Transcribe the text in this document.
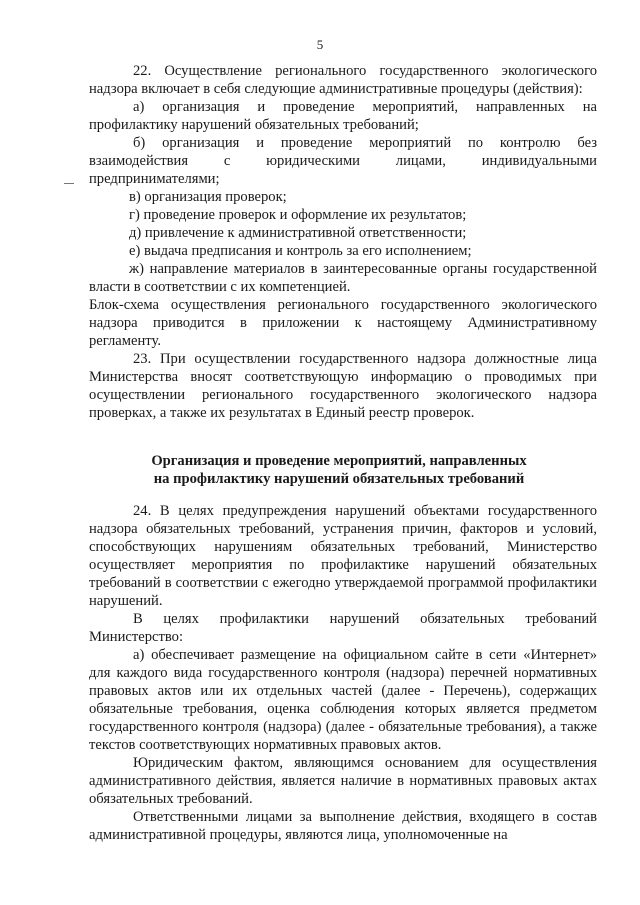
5

22. Осуществление регионального государственного экологического надзора включает в себя следующие административные процедуры (действия):

а) организация и проведение мероприятий, направленных на профилактику нарушений обязательных требований;

б) организация и проведение мероприятий по контролю без взаимодействия с юридическими лицами, индивидуальными предпринимателями;

в) организация проверок;

г) проведение проверок и оформление их результатов;

д) привлечение к административной ответственности;

е) выдача предписания и контроль за его исполнением;

ж) направление материалов в заинтересованные органы государственной власти в соответствии с их компетенцией.

Блок-схема осуществления регионального государственного экологического надзора приводится в приложении к настоящему Административному регламенту.

23. При осуществлении государственного надзора должностные лица Министерства вносят соответствующую информацию о проводимых при осуществлении регионального государственного экологического надзора проверках, а также их результатах в Единый реестр проверок.

Организация и проведение мероприятий, направленных
на профилактику нарушений обязательных требований

24. В целях предупреждения нарушений объектами государственного надзора обязательных требований, устранения причин, факторов и условий, способствующих нарушениям обязательных требований, Министерство осуществляет мероприятия по профилактике нарушений обязательных требований в соответствии с ежегодно утверждаемой программой профилактики нарушений.

В целях профилактики нарушений обязательных требований Министерство:

а) обеспечивает размещение на официальном сайте в сети «Интернет» для каждого вида государственного контроля (надзора) перечней нормативных правовых актов или их отдельных частей (далее - Перечень), содержащих обязательные требования, оценка соблюдения которых является предметом государственного контроля (надзора) (далее - обязательные требования), а также текстов соответствующих нормативных правовых актов.

Юридическим фактом, являющимся основанием для осуществления административного действия, является наличие в нормативных правовых актах обязательных требований.

Ответственными лицами за выполнение действия, входящего в состав административной процедуры, являются лица, уполномоченные на
